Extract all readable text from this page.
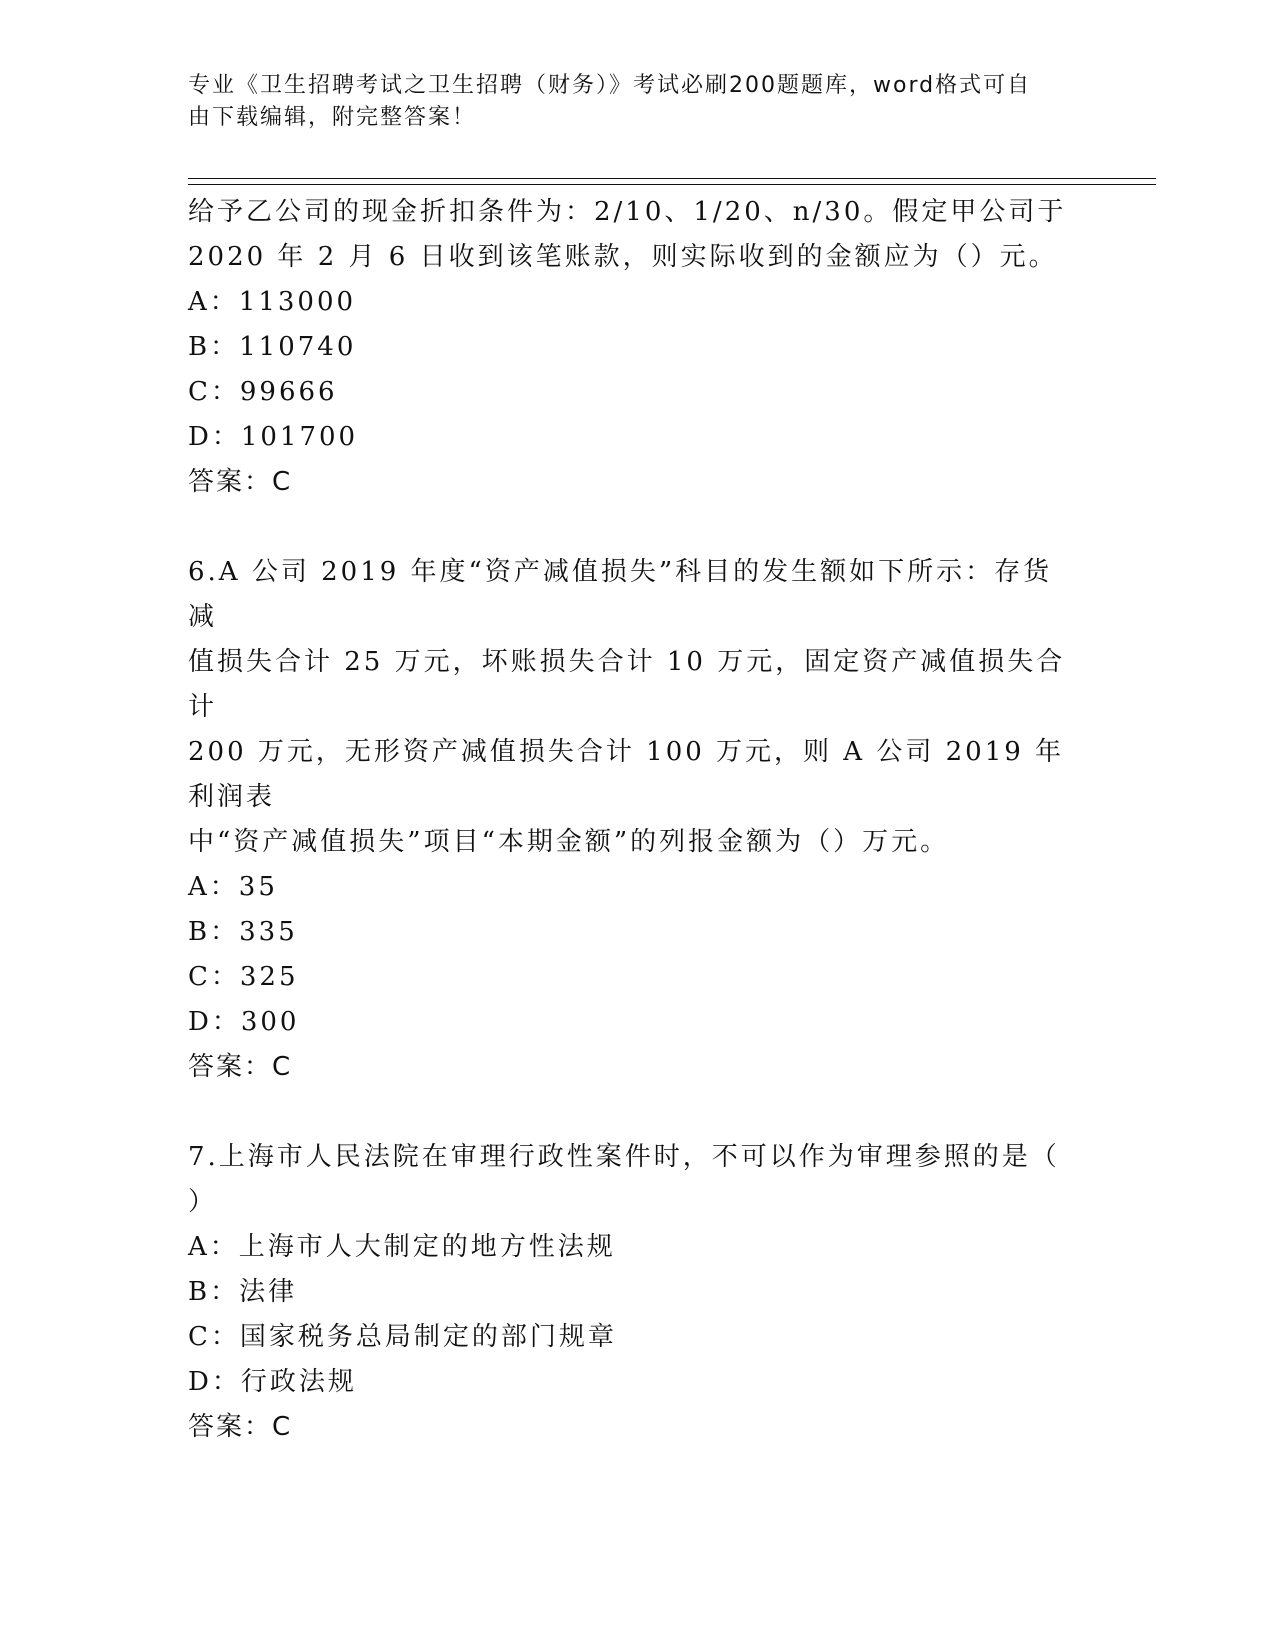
专业《卫生招聘考试之卫生招聘（财务）》考试必刷200题题库，word格式可自
由下载编辑，附完整答案！

给予乙公司的现金折扣条件为：2/10、1/20、n/30。假定甲公司于

2020 年 2 月 6 日收到该笔账款，则实际收到的金额应为（）元。

A：113000

B：110740

C：99666

D：101700

答案：C

6.A 公司 2019 年度“资产减值损失”科目的发生额如下所示：存货减

值损失合计 25 万元，坏账损失合计 10 万元，固定资产减值损失合计

200 万元，无形资产减值损失合计 100 万元，则 A 公司 2019 年利润表

中“资产减值损失”项目“本期金额”的列报金额为（）万元。

A：35

B：335

C：325

D：300

答案：C

7.上海市人民法院在审理行政性案件时，不可以作为审理参照的是（

）

A：上海市人大制定的地方性法规

B：法律

C：国家税务总局制定的部门规章

D：行政法规

答案：C
